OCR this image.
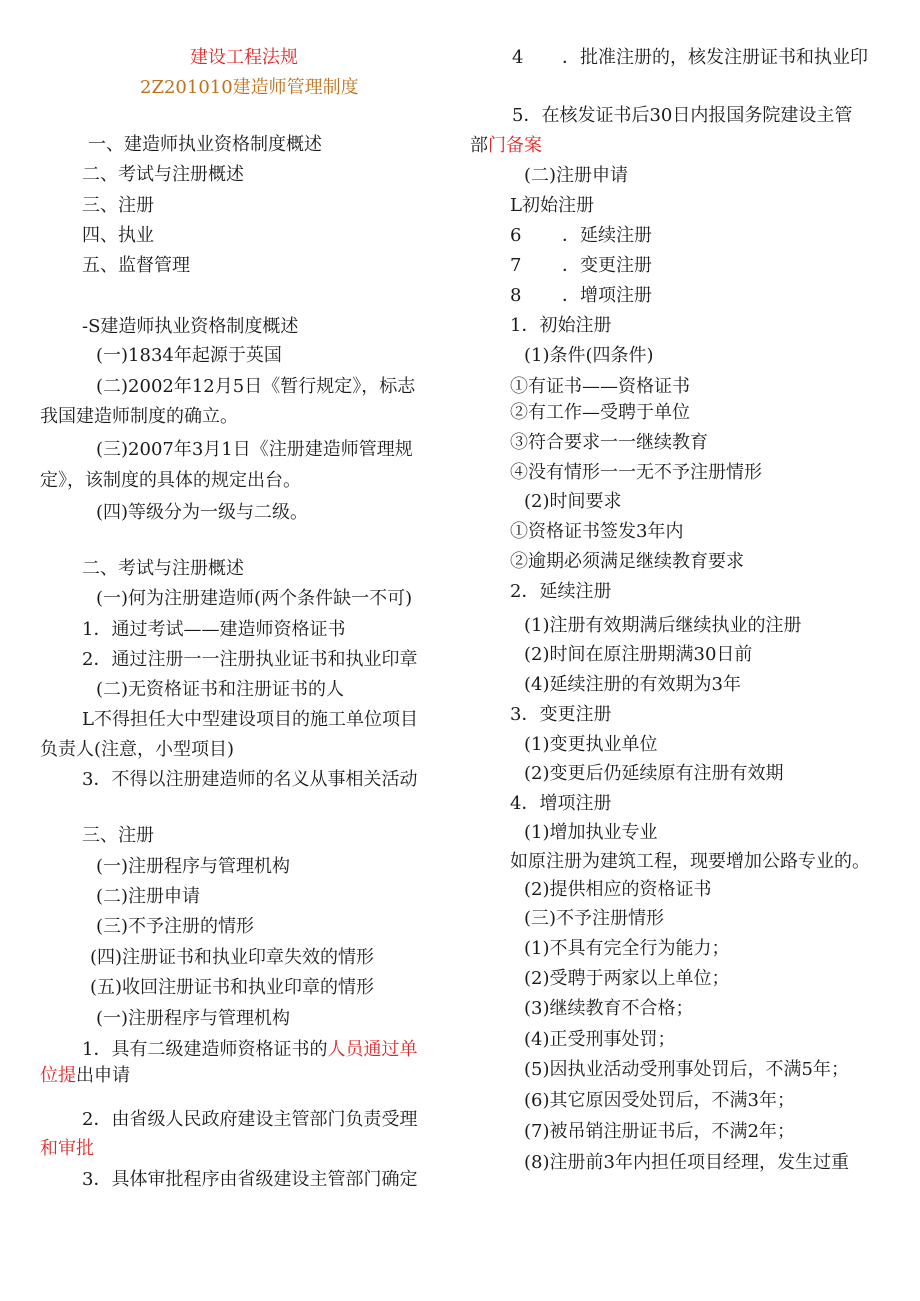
建设工程法规
2Z201010建造师管理制度
一、建造师执业资格制度概述
二、考试与注册概述
三、注册
四、执业
五、监督管理
-S建造师执业资格制度概述
(一)1834年起源于英国
(二)2002年12月5日《暂行规定》，标志
我国建造师制度的确立。
(三)2007年3月1日《注册建造师管理规
定》，该制度的具体的规定出台。
(四)等级分为一级与二级。
二、考试与注册概述
(一)何为注册建造师(两个条件缺一不可)
1．通过考试——建造师资格证书
2．通过注册一一注册执业证书和执业印章
(二)无资格证书和注册证书的人
L不得担任大中型建设项目的施工单位项目
负责人(注意，小型项目)
3．不得以注册建造师的名义从事相关活动
三、注册
(一)注册程序与管理机构
(二)注册申请
(三)不予注册的情形
(四)注册证书和执业印章失效的情形
(五)收回注册证书和执业印章的情形
(一)注册程序与管理机构
1．具有二级建造师资格证书的人员通过单
位提出申请
2．由省级人民政府建设主管部门负责受理
和审批
3．具体审批程序由省级建设主管部门确定
4 ．批准注册的，核发注册证书和执业印
5．在核发证书后30日内报国务院建设主管
部门备案
(二)注册申请
L初始注册
6 ．延续注册
7 ．变更注册
8 ．增项注册
1．初始注册
(1)条件(四条件)
①有证书——资格证书
②有工作—受聘于单位
③符合要求一一继续教育
④没有情形一一无不予注册情形
(2)时间要求
①资格证书签发3年内
②逾期必须满足继续教育要求
2．延续注册
(1)注册有效期满后继续执业的注册
(2)时间在原注册期满30日前
(4)延续注册的有效期为3年
3．变更注册
(1)变更执业单位
(2)变更后仍延续原有注册有效期
4．增项注册
(1)增加执业专业
如原注册为建筑工程，现要增加公路专业的。
(2)提供相应的资格证书
(三)不予注册情形
(1)不具有完全行为能力；
(2)受聘于两家以上单位；
(3)继续教育不合格；
(4)正受刑事处罚；
(5)因执业活动受刑事处罚后，不满5年；
(6)其它原因受处罚后，不满3年；
(7)被吊销注册证书后，不满2年；
(8)注册前3年内担任项目经理，发生过重
